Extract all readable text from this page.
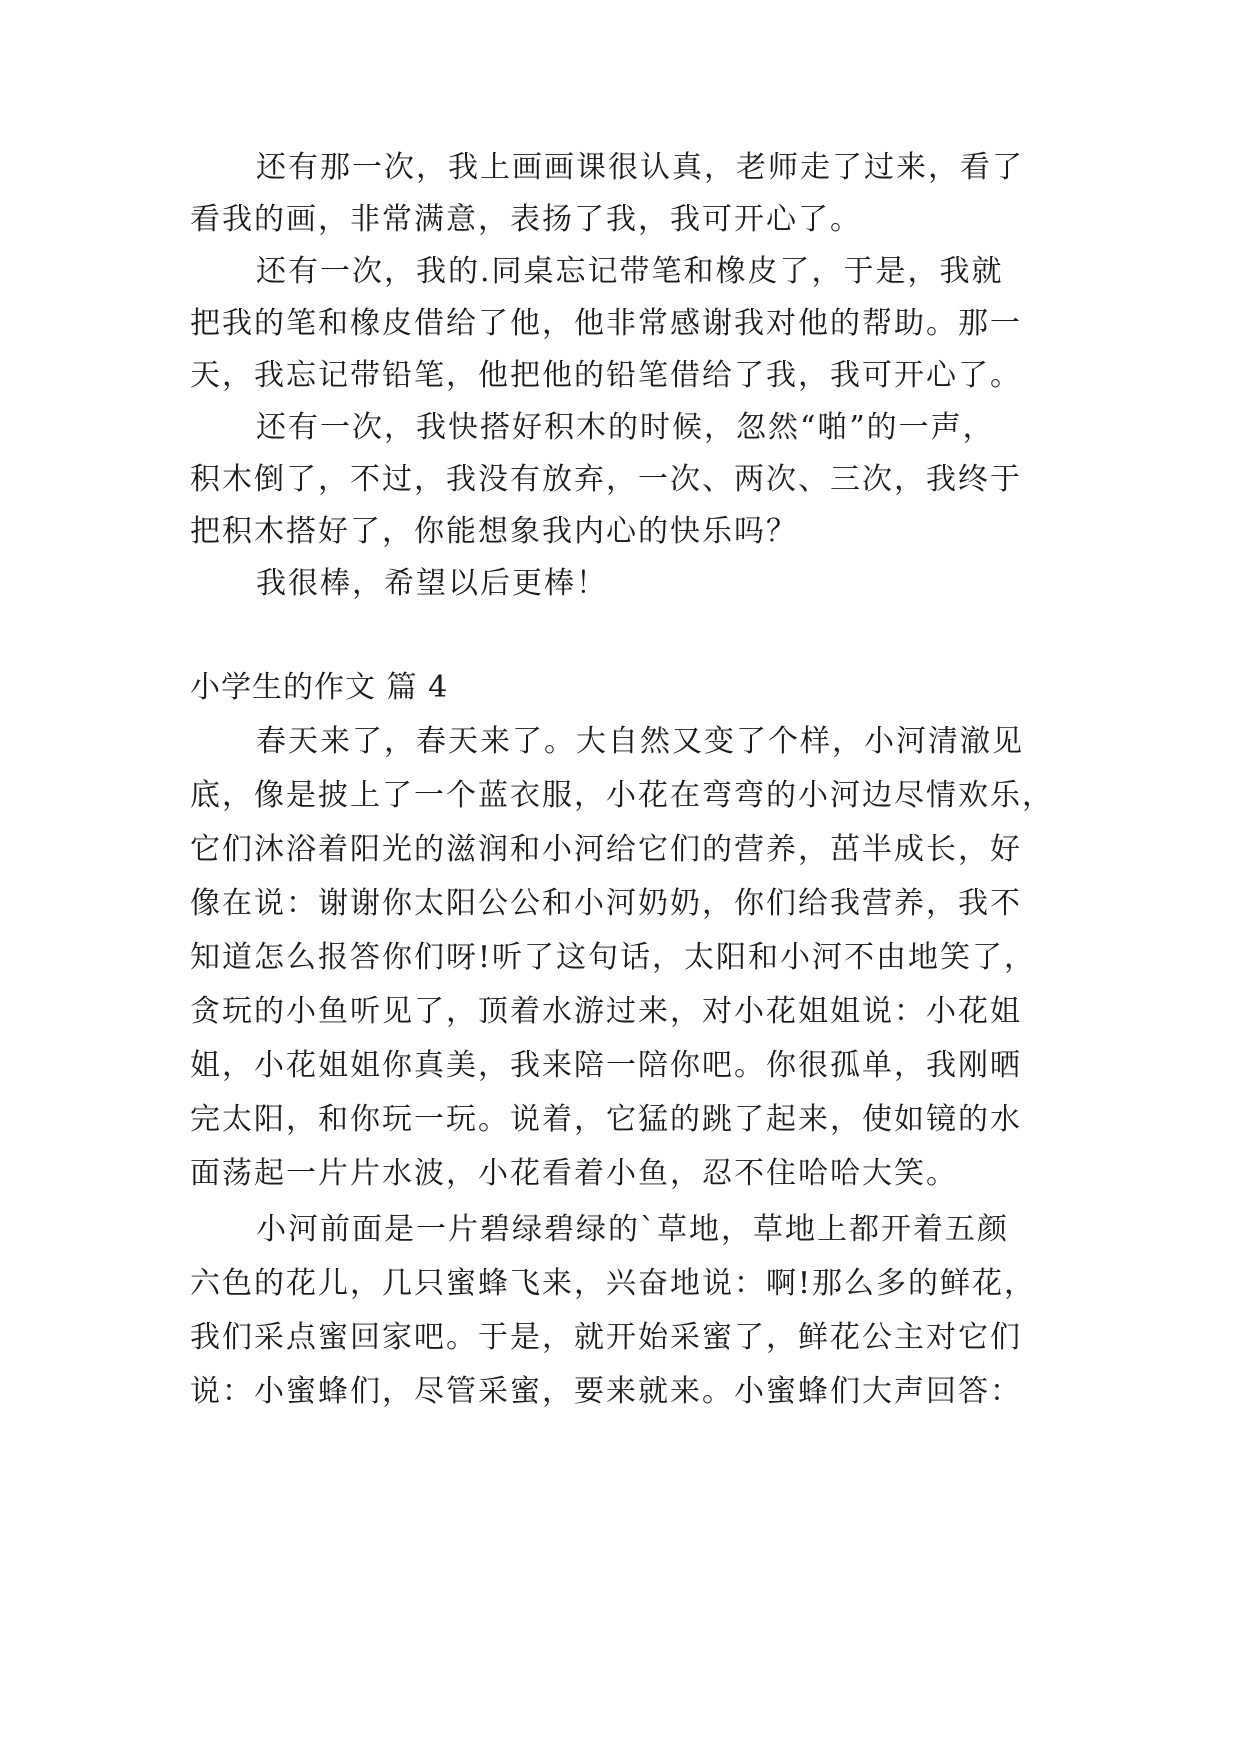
还有那一次，我上画画课很认真，老师走了过来，看了
看我的画，非常满意，表扬了我，我可开心了。
还有一次，我的.同桌忘记带笔和橡皮了，于是，我就
把我的笔和橡皮借给了他，他非常感谢我对他的帮助。那一
天，我忘记带铅笔，他把他的铅笔借给了我，我可开心了。
还有一次，我快搭好积木的时候，忽然“啪”的一声，
积木倒了，不过，我没有放弃，一次、两次、三次，我终于
把积木搭好了，你能想象我内心的快乐吗？
我很棒，希望以后更棒！
小学生的作文 篇 4
春天来了，春天来了。大自然又变了个样，小河清澈见
底，像是披上了一个蓝衣服，小花在弯弯的小河边尽情欢乐，
它们沐浴着阳光的滋润和小河给它们的营养，茁半成长，好
像在说：谢谢你太阳公公和小河奶奶，你们给我营养，我不
知道怎么报答你们呀!听了这句话，太阳和小河不由地笑了，
贪玩的小鱼听见了，顶着水游过来，对小花姐姐说：小花姐
姐，小花姐姐你真美，我来陪一陪你吧。你很孤单，我刚晒
完太阳，和你玩一玩。说着，它猛的跳了起来，使如镜的水
面荡起一片片水波，小花看着小鱼，忍不住哈哈大笑。
小河前面是一片碧绿碧绿的`草地，草地上都开着五颜
六色的花儿，几只蜜蜂飞来，兴奋地说：啊!那么多的鲜花，
我们采点蜜回家吧。于是，就开始采蜜了，鲜花公主对它们
说：小蜜蜂们，尽管采蜜，要来就来。小蜜蜂们大声回答：
